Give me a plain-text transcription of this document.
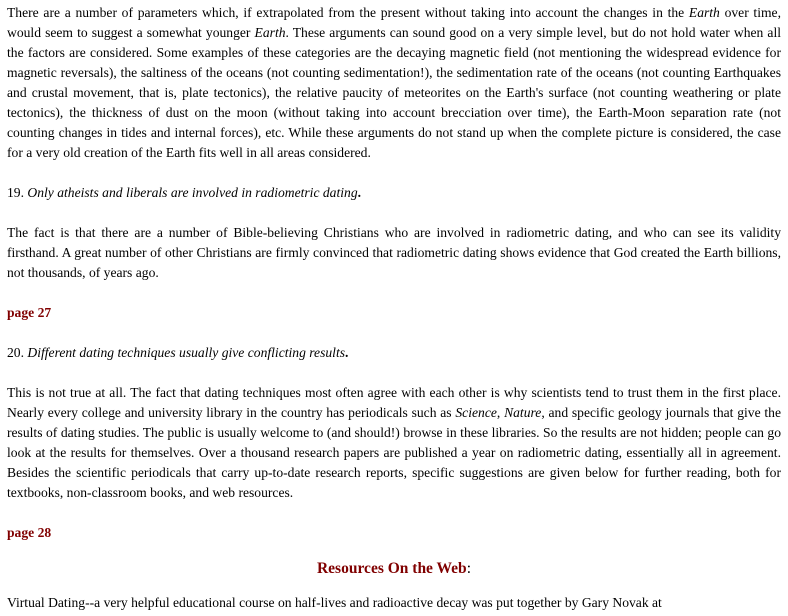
There are a number of parameters which, if extrapolated from the present without taking into account the changes in the Earth over time, would seem to suggest a somewhat younger Earth. These arguments can sound good on a very simple level, but do not hold water when all the factors are considered. Some examples of these categories are the decaying magnetic field (not mentioning the widespread evidence for magnetic reversals), the saltiness of the oceans (not counting sedimentation!), the sedimentation rate of the oceans (not counting Earthquakes and crustal movement, that is, plate tectonics), the relative paucity of meteorites on the Earth's surface (not counting weathering or plate tectonics), the thickness of dust on the moon (without taking into account brecciation over time), the Earth-Moon separation rate (not counting changes in tides and internal forces), etc. While these arguments do not stand up when the complete picture is considered, the case for a very old creation of the Earth fits well in all areas considered.

19. Only atheists and liberals are involved in radiometric dating.

The fact is that there are a number of Bible-believing Christians who are involved in radiometric dating, and who can see its validity firsthand. A great number of other Christians are firmly convinced that radiometric dating shows evidence that God created the Earth billions, not thousands, of years ago.

page 27

20. Different dating techniques usually give conflicting results.

This is not true at all. The fact that dating techniques most often agree with each other is why scientists tend to trust them in the first place. Nearly every college and university library in the country has periodicals such as Science, Nature, and specific geology journals that give the results of dating studies. The public is usually welcome to (and should!) browse in these libraries. So the results are not hidden; people can go look at the results for themselves. Over a thousand research papers are published a year on radiometric dating, essentially all in agreement. Besides the scientific periodicals that carry up-to-date research reports, specific suggestions are given below for further reading, both for textbooks, non-classroom books, and web resources.

page 28

Resources On the Web:

Virtual Dating--a very helpful educational course on half-lives and radioactive decay was put together by Gary Novak at
